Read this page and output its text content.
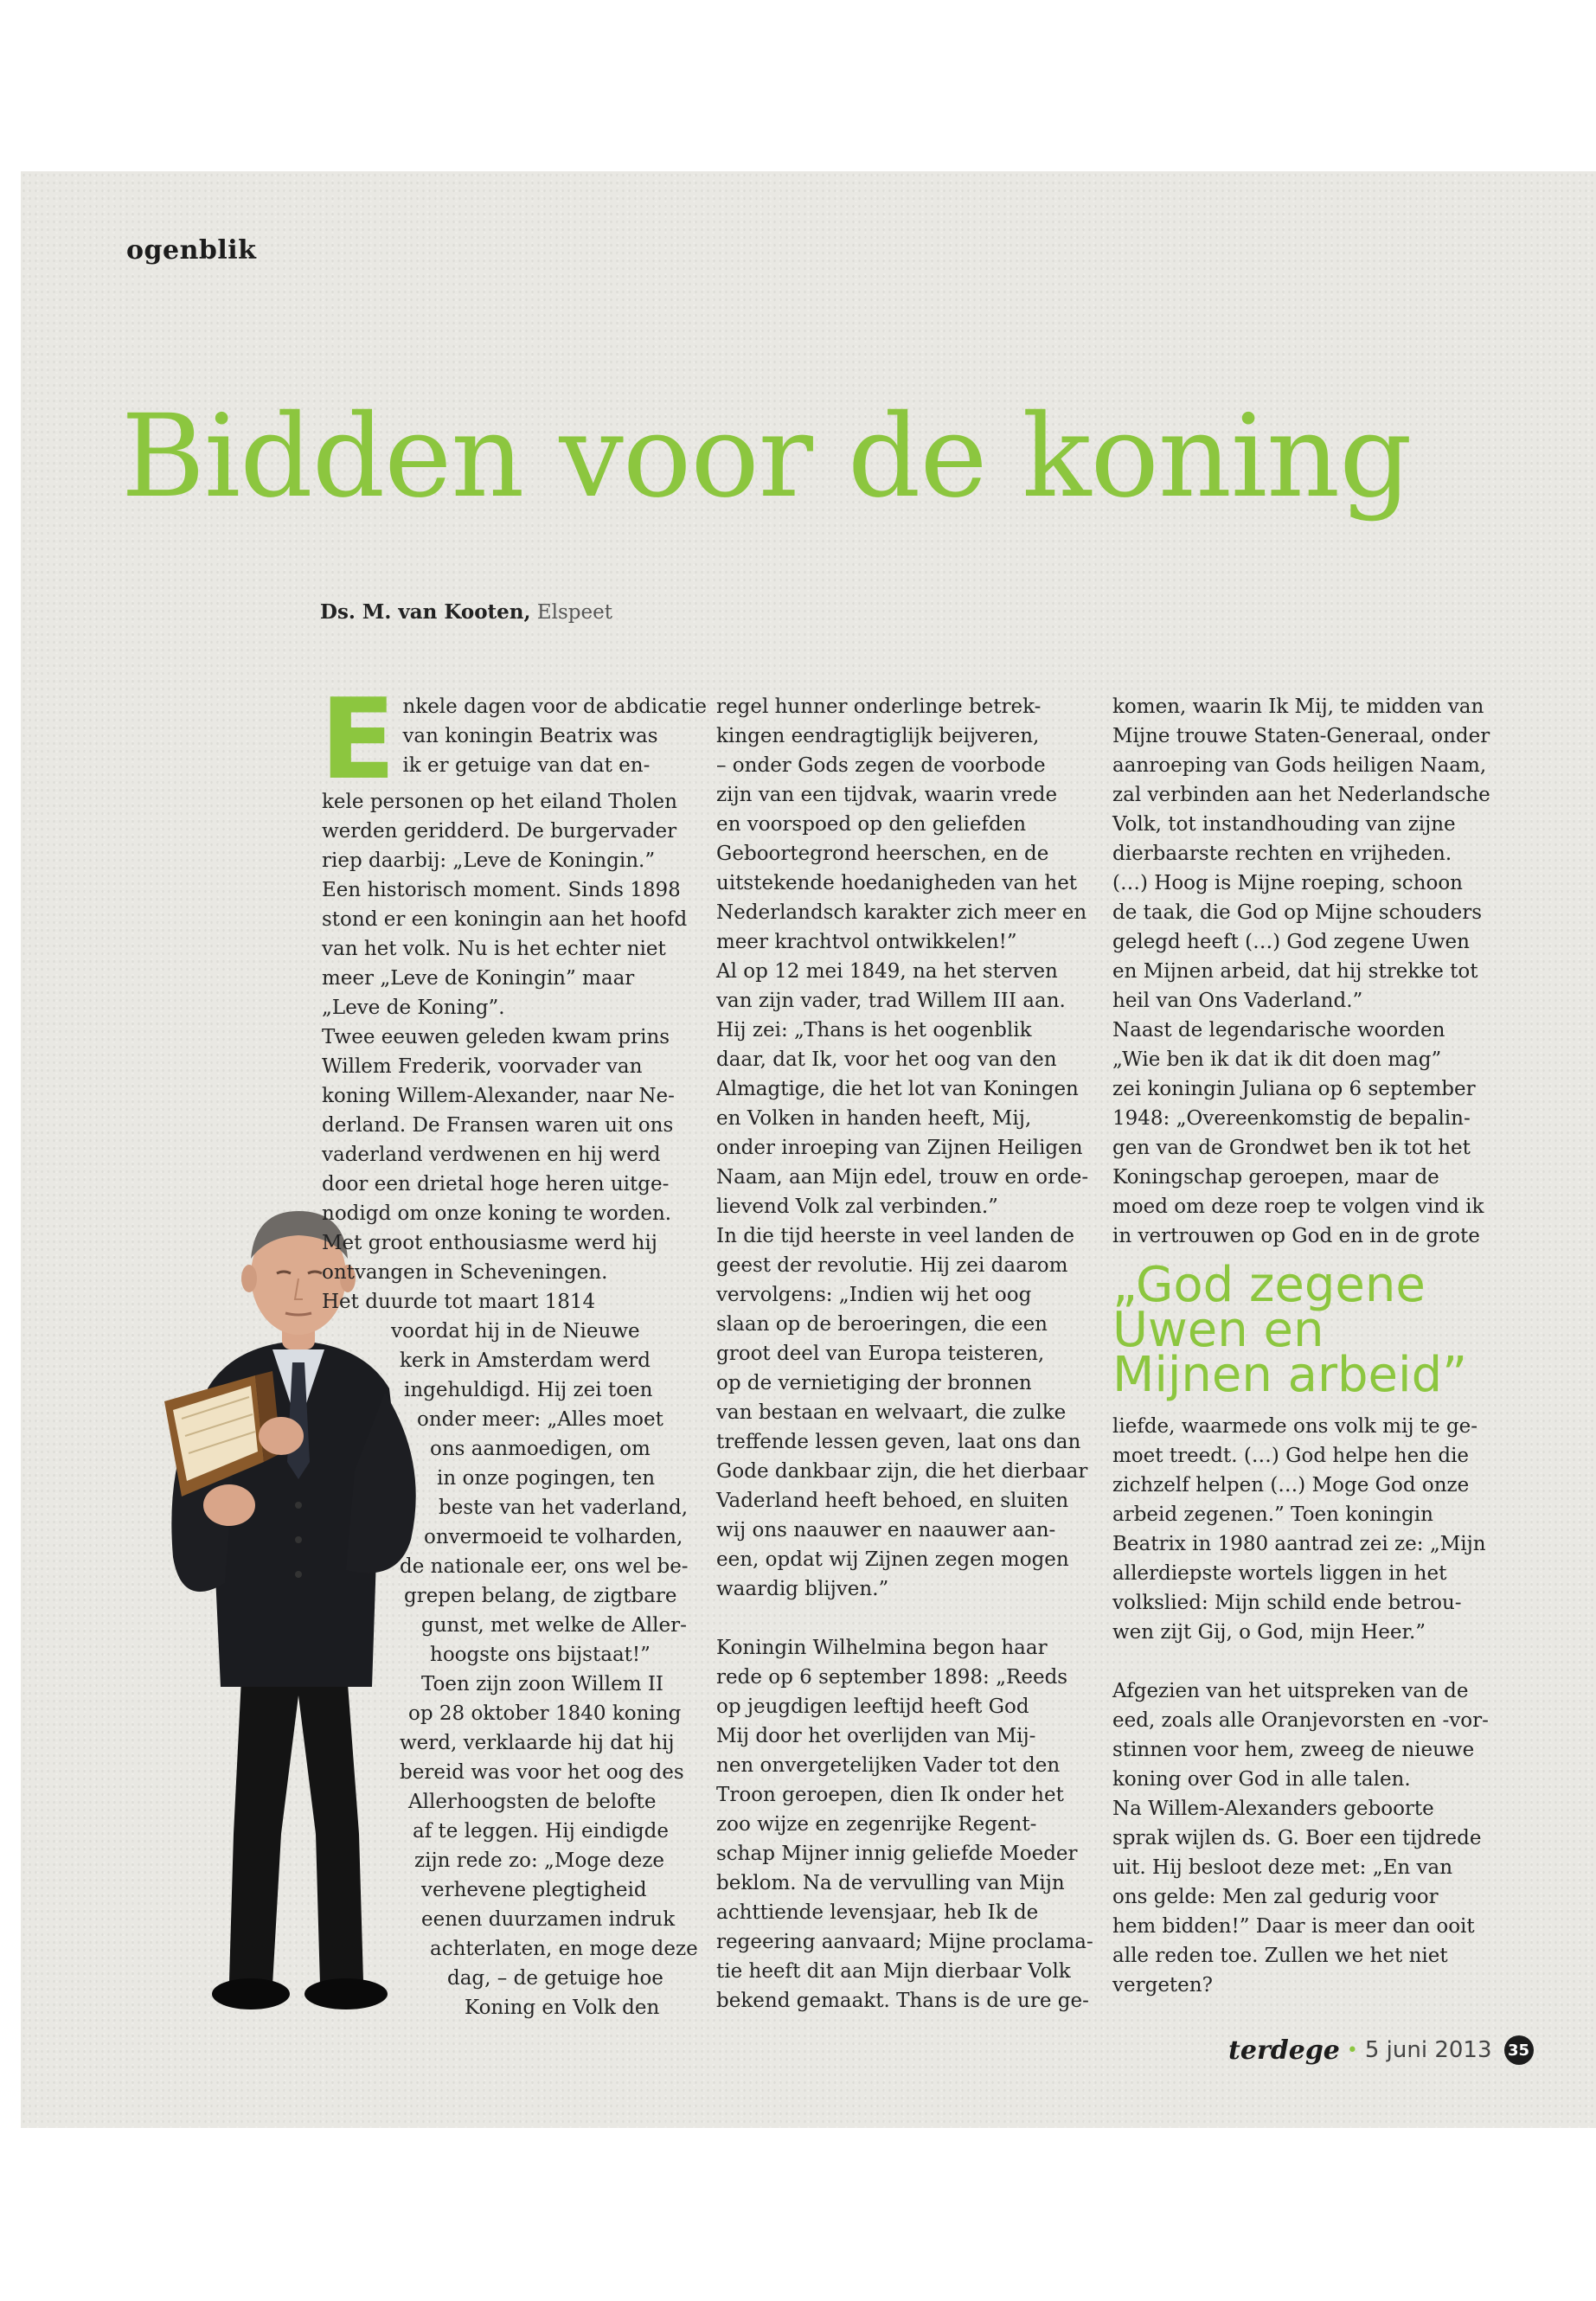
ogenblik
Bidden voor de koning
Ds. M. van Kooten, Elspeet
E nkele dagen voor de abdicatie
van koningin Beatrix was
ik er getuige van dat en-

kele personen op het eiland Tholen
werden geridderd. De burgervader
riep daarbij: „Leve de Koningin.”
Een historisch moment. Sinds 1898
stond er een koningin aan het hoofd
van het volk. Nu is het echter niet
meer „Leve de Koningin” maar
„Leve de Koning”.

Twee eeuwen geleden kwam prins
Willem Frederik, voorvader van
koning Willem-Alexander, naar Ne-
derland. De Fransen waren uit ons
vaderland verdwenen en hij werd
door een drietal hoge heren uitge-
nodigd om onze koning te worden.
Met groot enthousiasme werd hij
ontvangen in Scheveningen.

Het duurde tot maart 1814
voordat hij in de Nieuwe
kerk in Amsterdam werd
ingehuldigd. Hij zei toen
onder meer: „Alles moet
ons aanmoedigen, om
in onze pogingen, ten
beste van het vaderland,
onvermoeid te volharden,
de nationale eer, ons wel be-
grepen belang, de zigtbare
gunst, met welke de Aller-
hoogste ons bijstaat!”

Toen zijn zoon Willem II
op 28 oktober 1840 koning
werd, verklaarde hij dat hij
bereid was voor het oog des
Allerhoogsten de belofte
af te leggen. Hij eindigde
zijn rede zo: „Moge deze
verhevene plegtigheid
eenen duurzamen indruk
achterlaten, en moge deze
dag, – de getuige hoe
Koning en Volk den

regel hunner onderlinge betrek-
kingen eendragtiglijk beijveren,
– onder Gods zegen de voorbode
zijn van een tijdvak, waarin vrede
en voorspoed op den geliefden
Geboortegrond heerschen, en de
uitstekende hoedanigheden van het
Nederlandsch karakter zich meer en
meer krachtvol ontwikkelen!”

Al op 12 mei 1849, na het sterven
van zijn vader, trad Willem III aan.
Hij zei: „Thans is het oogenblik
daar, dat Ik, voor het oog van den
Almagtige, die het lot van Koningen
en Volken in handen heeft, Mij,
onder inroeping van Zijnen Heiligen
Naam, aan Mijn edel, trouw en orde-
lievend Volk zal verbinden.”

In die tijd heerste in veel landen de
geest der revolutie. Hij zei daarom
vervolgens: „Indien wij het oog
slaan op de beroeringen, die een
groot deel van Europa teisteren,
op de vernietiging der bronnen
van bestaan en welvaart, die zulke
treffende lessen geven, laat ons dan
Gode dankbaar zijn, die het dierbaar
Vaderland heeft behoed, en sluiten
wij ons naauwer en naauwer aan-
een, opdat wij Zijnen zegen mogen
waardig blijven.”

Koningin Wilhelmina begon haar
rede op 6 september 1898: „Reeds
op jeugdigen leeftijd heeft God
Mij door het overlijden van Mij-
nen onvergetelijken Vader tot den
Troon geroepen, dien Ik onder het
zoo wijze en zegenrijke Regent-
schap Mijner innig geliefde Moeder
beklom. Na de vervulling van Mijn
achttiende levensjaar, heb Ik de
regeering aanvaard; Mijne proclama-
tie heeft dit aan Mijn dierbaar Volk
bekend gemaakt. Thans is de ure ge-

komen, waarin Ik Mij, te midden van
Mijne trouwe Staten-Generaal, onder
aanroeping van Gods heiligen Naam,
zal verbinden aan het Nederlandsche
Volk, tot instandhouding van zijne
dierbaarste rechten en vrijheden.
(…) Hoog is Mijne roeping, schoon
de taak, die God op Mijne schouders
gelegd heeft (…) God zegene Uwen
en Mijnen arbeid, dat hij strekke tot
heil van Ons Vaderland.”

Naast de legendarische woorden
„Wie ben ik dat ik dit doen mag”
zei koningin Juliana op 6 september
1948: „Overeenkomstig de bepalin-
gen van de Grondwet ben ik tot het
Koningschap geroepen, maar de
moed om deze roep te volgen vind ik
in vertrouwen op God en in de grote

„God zegene
Uwen en
Mijnen arbeid”

liefde, waarmede ons volk mij te ge-
moet treedt. (…) God helpe hen die
zichzelf helpen (…) Moge God onze
arbeid zegenen.” Toen koningin
Beatrix in 1980 aantrad zei ze: „Mijn
allerdiepste wortels liggen in het
volkslied: Mijn schild ende betrou-
wen zijt Gij, o God, mijn Heer.”

Afgezien van het uitspreken van de
eed, zoals alle Oranjevorsten en -vor-
stinnen voor hem, zweeg de nieuwe
koning over God in alle talen.

Na Willem-Alexanders geboorte
sprak wijlen ds. G. Boer een tijdrede
uit. Hij besloot deze met: „En van
ons gelde: Men zal gedurig voor
hem bidden!” Daar is meer dan ooit
alle reden toe. Zullen we het niet
vergeten?

terdege • 5 juni 2013 35
